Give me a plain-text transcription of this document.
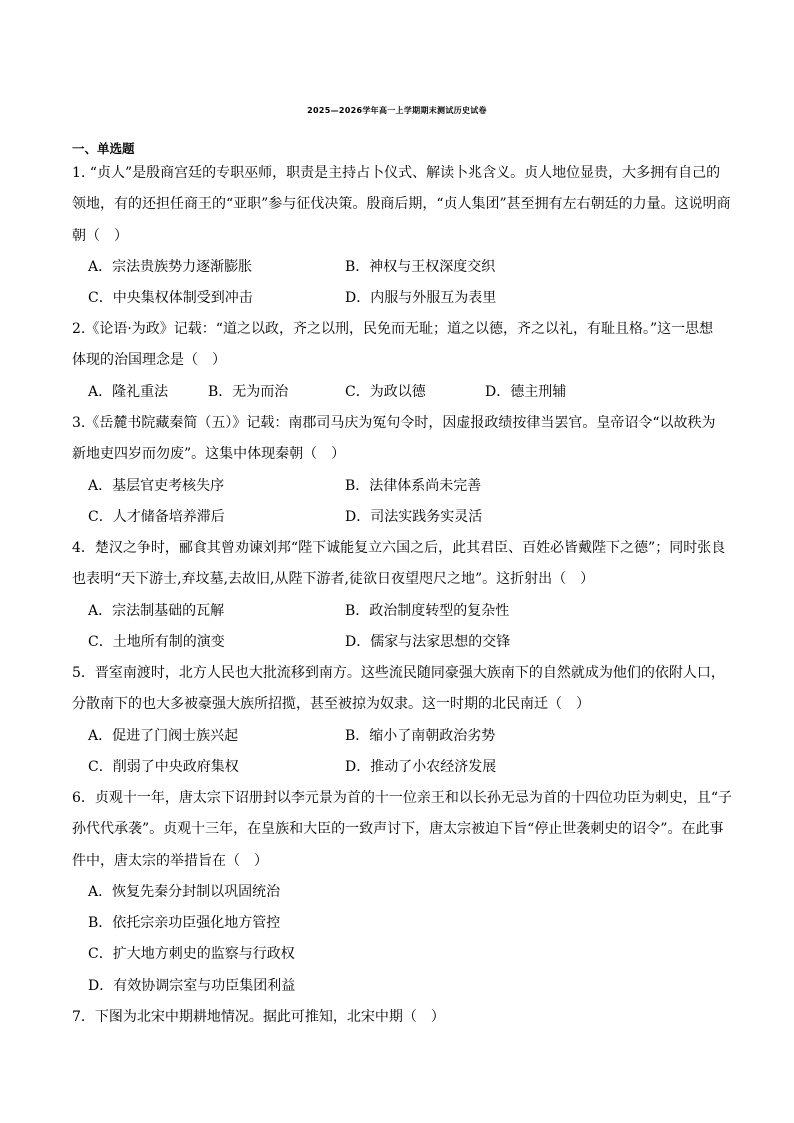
2025—2026学年高一上学期期末测试历史试卷
一、单选题
1. “贞人”是殷商宫廷的专职巫师，职责是主持占卜仪式、解读卜兆含义。贞人地位显贵，大多拥有自己的
领地，有的还担任商王的“亚职”参与征伐决策。殷商后期，“贞人集团”甚至拥有左右朝廷的力量。这说明商
朝（　）
A．宗法贵族势力逐渐膨胀	B．神权与王权深度交织
C．中央集权体制受到冲击	D．内服与外服互为表里
2.《论语·为政》记载：“道之以政，齐之以刑，民免而无耻；道之以德，齐之以礼，有耻且格。”这一思想
体现的治国理念是（　）
A．隆礼重法	B．无为而治	C．为政以德	D．德主刑辅
3.《岳麓书院藏秦简（五）》记载：南郡司马庆为冤句令时，因虚报政绩按律当罢官。皇帝诏令“以故秩为
新地吏四岁而勿废”。这集中体现秦朝（　）
A．基层官吏考核失序	B．法律体系尚未完善
C．人才储备培养滞后	D．司法实践务实灵活
4．楚汉之争时，郦食其曾劝谏刘邦“陛下诚能复立六国之后，此其君臣、百姓必皆戴陛下之德”；同时张良
也表明“天下游士,弃坟墓,去故旧,从陛下游者,徒欲日夜望咫尺之地”。这折射出（　）
A．宗法制基础的瓦解	B．政治制度转型的复杂性
C．土地所有制的演变	D．儒家与法家思想的交锋
5．晋室南渡时，北方人民也大批流移到南方。这些流民随同豪强大族南下的自然就成为他们的依附人口，
分散南下的也大多被豪强大族所招揽，甚至被掠为奴隶。这一时期的北民南迁（　）
A．促进了门阀士族兴起	B．缩小了南朝政治劣势
C．削弱了中央政府集权	D．推动了小农经济发展
6．贞观十一年，唐太宗下诏册封以李元景为首的十一位亲王和以长孙无忌为首的十四位功臣为刺史，且“子
孙代代承袭”。贞观十三年，在皇族和大臣的一致声讨下，唐太宗被迫下旨“停止世袭刺史的诏令”。在此事
件中，唐太宗的举措旨在（　）
A．恢复先秦分封制以巩固统治
B．依托宗亲功臣强化地方管控
C．扩大地方刺史的监察与行政权
D．有效协调宗室与功臣集团利益
7．下图为北宋中期耕地情况。据此可推知，北宋中期（　）
